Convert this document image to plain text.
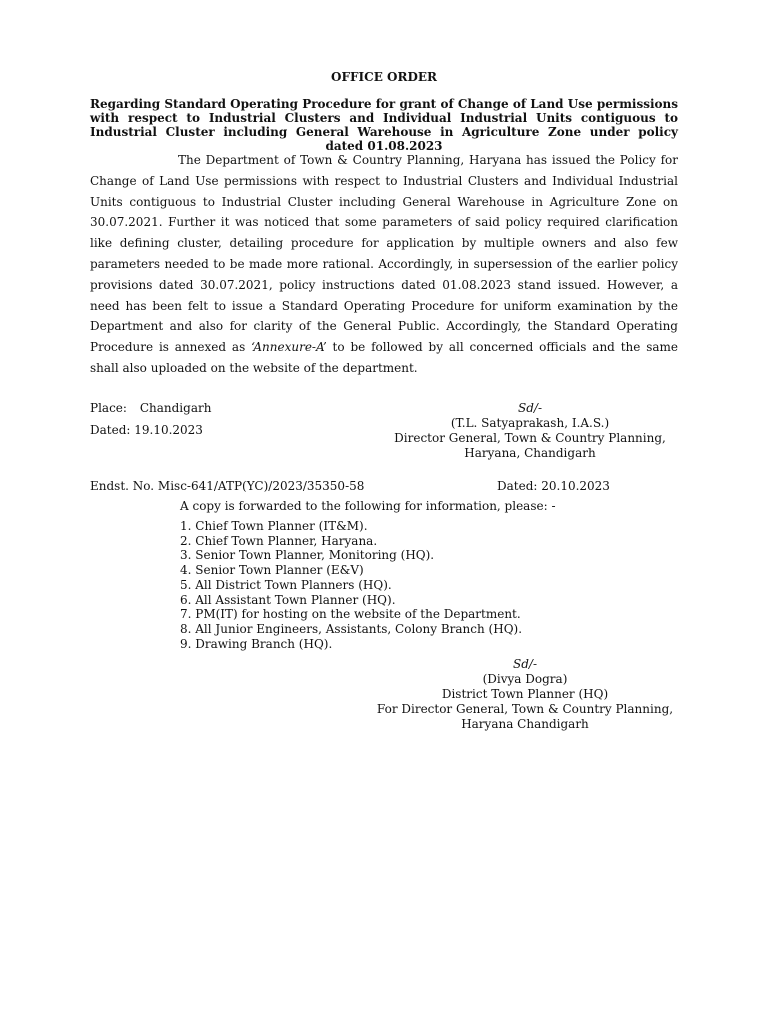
OFFICE ORDER
Regarding Standard Operating Procedure for grant of Change of Land Use permissions with respect to Industrial Clusters and Individual Industrial Units contiguous to Industrial Cluster including General Warehouse in Agriculture Zone under policy dated 01.08.2023

The Department of Town & Country Planning, Haryana has issued the Policy for Change of Land Use permissions with respect to Industrial Clusters and Individual Industrial Units contiguous to Industrial Cluster including General Warehouse in Agriculture Zone on 30.07.2021. Further it was noticed that some parameters of said policy required clarification like defining cluster, detailing procedure for application by multiple owners and also few parameters needed to be made more rational. Accordingly, in supersession of the earlier policy provisions dated 30.07.2021, policy instructions dated 01.08.2023 stand issued. However, a need has been felt to issue a Standard Operating Procedure for uniform examination by the Department and also for clarity of the General Public. Accordingly, the Standard Operating Procedure is annexed as ‘Annexure-A’ to be followed by all concerned officials and the same shall also uploaded on the website of the department.

Place: Chandigarh
Dated: 19.10.2023
Sd/-
(T.L. Satyaprakash, I.A.S.)
Director General, Town & Country Planning,
Haryana, Chandigarh
Endst. No. Misc-641/ATP(YC)/2023/35350-58	Dated: 20.10.2023
A copy is forwarded to the following for information, please: -
1. Chief Town Planner (IT&M).
2. Chief Town Planner, Haryana.
3. Senior Town Planner, Monitoring (HQ).
4. Senior Town Planner (E&V)
5. All District Town Planners (HQ).
6. All Assistant Town Planner (HQ).
7. PM(IT) for hosting on the website of the Department.
8. All Junior Engineers, Assistants, Colony Branch (HQ).
9. Drawing Branch (HQ).
Sd/-
(Divya Dogra)
District Town Planner (HQ)
For Director General, Town & Country Planning,
Haryana Chandigarh
